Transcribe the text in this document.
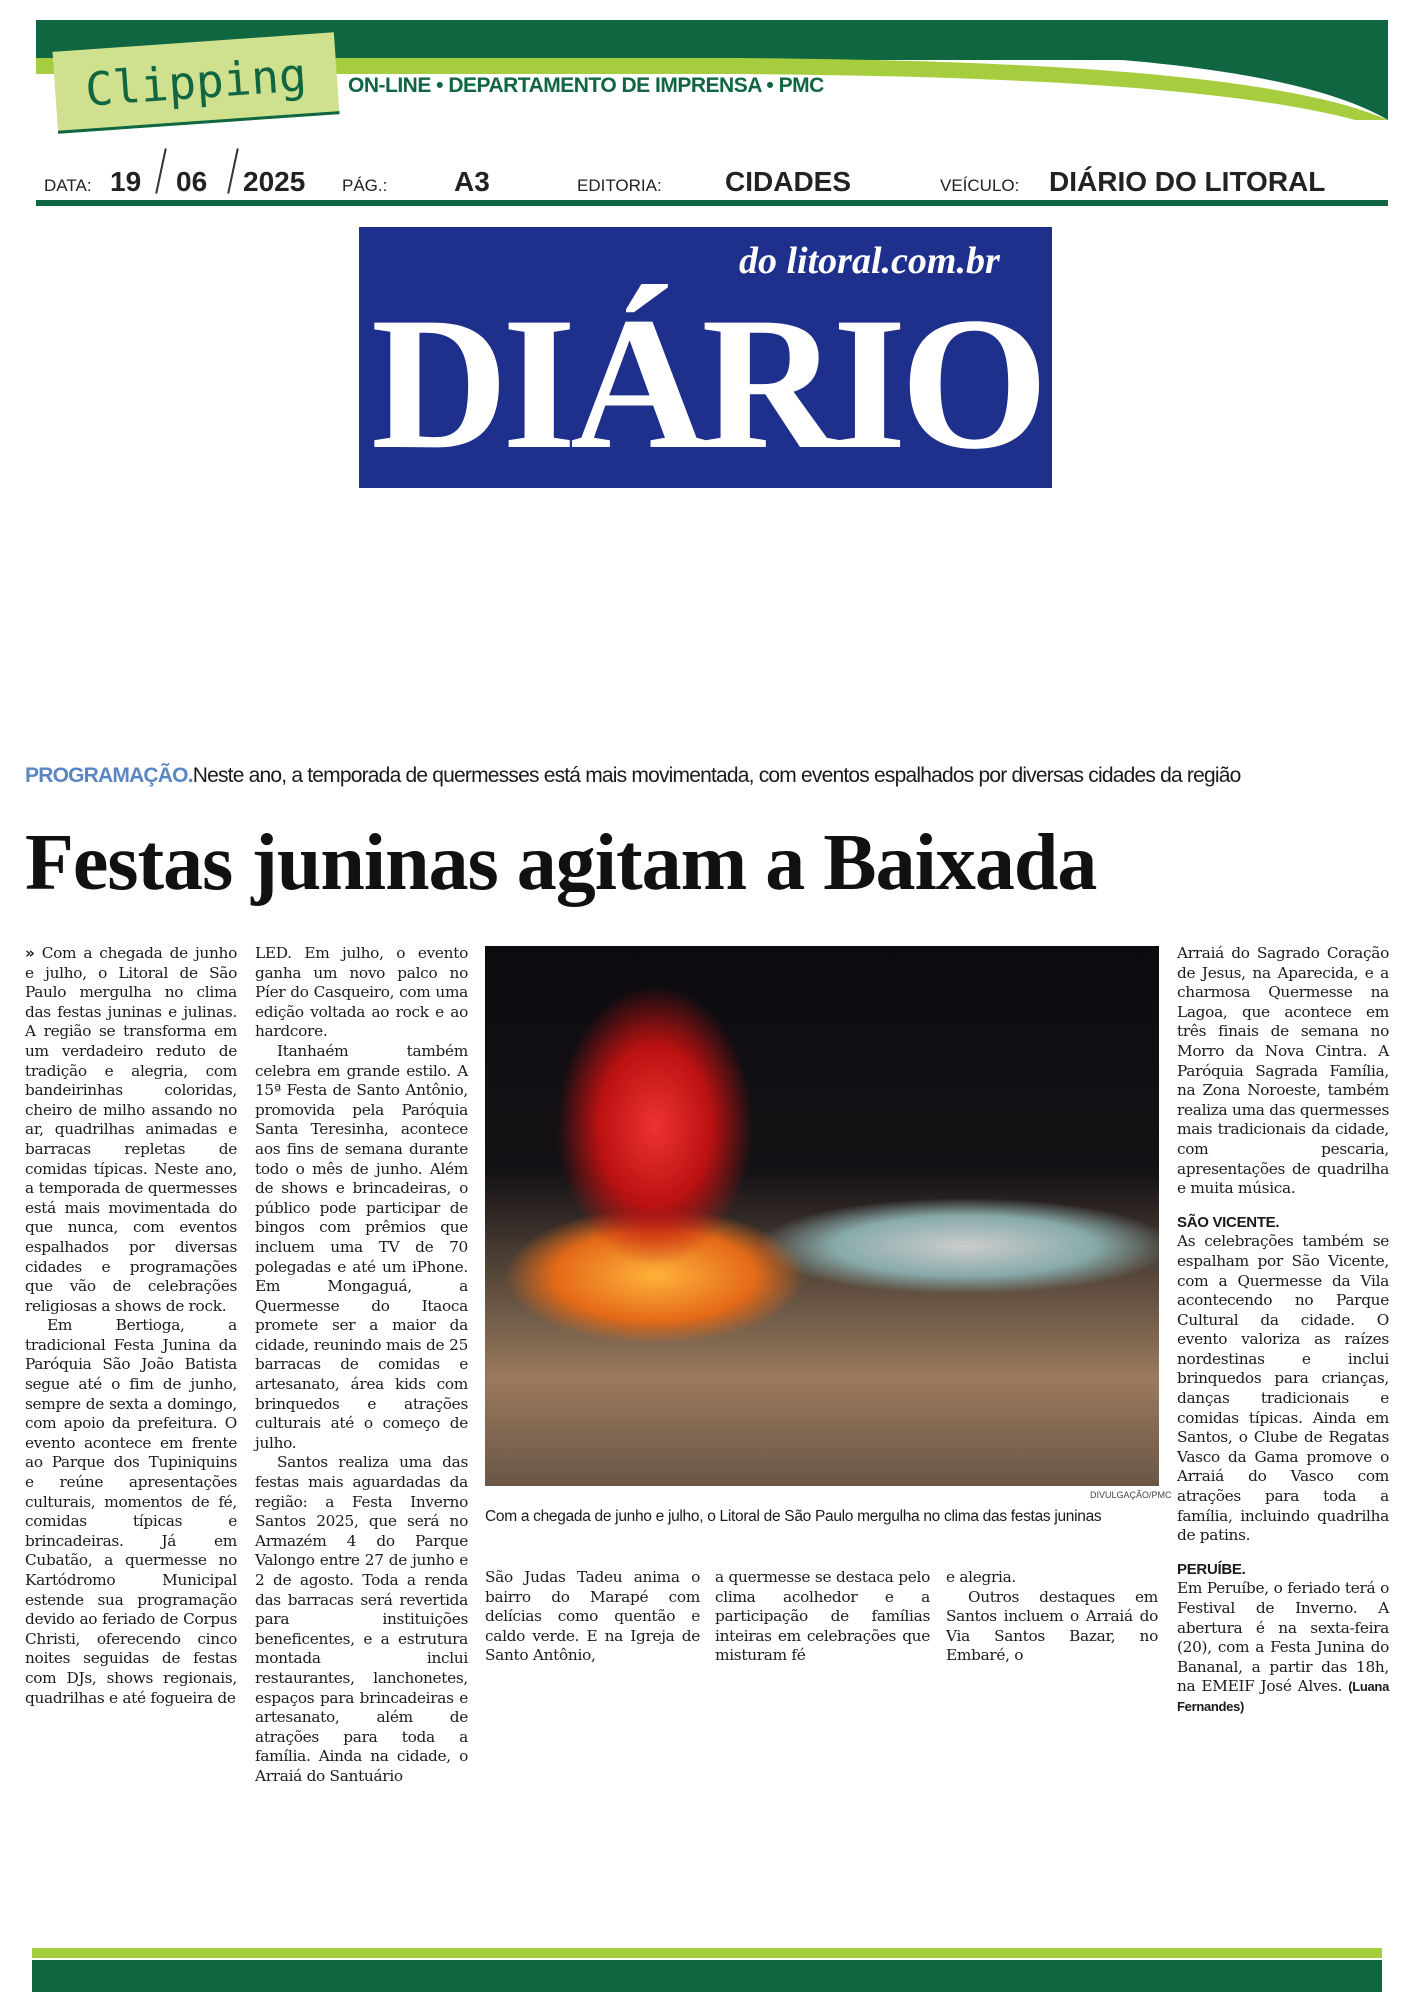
Clipping ON-LINE • DEPARTAMENTO DE IMPRENSA • PMC
DATA: 19 06 2025 PÁG.: A3	EDITORIA: CIDADES	VEÍCULO: DIÁRIO DO LITORAL
do litoral.com.br
DIÁRIO
PROGRAMAÇÃO.Neste ano, a temporada de quermesses está mais movimentada, com eventos espalhados por diversas cidades da região
Festas juninas agitam a Baixada

» Com a chegada de junho e julho, o Litoral de São Paulo mergulha no clima das festas juninas e julinas. A região se transforma em um verdadeiro reduto de tradição e alegria, com bandeirinhas coloridas, cheiro de milho assando no ar, quadrilhas animadas e barracas repletas de comidas típicas. Neste ano, a temporada de quermesses está mais movimentada do que nunca, com eventos espalhados por diversas cidades e programações que vão de celebrações religiosas a shows de rock.

Em Bertioga, a tradicional Festa Junina da Paróquia São João Batista segue até o fim de junho, sempre de sexta a domingo, com apoio da prefeitura. O evento acontece em frente ao Parque dos Tupiniquins e reúne apresentações culturais, momentos de fé, comidas típicas e brincadeiras. Já em Cubatão, a quermesse no Kartódromo Municipal estende sua programação devido ao feriado de Corpus Christi, oferecendo cinco noites seguidas de festas com DJs, shows regionais, quadrilhas e até fogueira de

LED. Em julho, o evento ganha um novo palco no Píer do Casqueiro, com uma edição voltada ao rock e ao hardcore.

Itanhaém também celebra em grande estilo. A 15ª Festa de Santo Antônio, promovida pela Paróquia Santa Teresinha, acontece aos fins de semana durante todo o mês de junho. Além de shows e brincadeiras, o público pode participar de bingos com prêmios que incluem uma TV de 70 polegadas e até um iPhone. Em Mongaguá, a Quermesse do Itaoca promete ser a maior da cidade, reunindo mais de 25 barracas de comidas e artesanato, área kids com brinquedos e atrações culturais até o começo de julho.

Santos realiza uma das festas mais aguardadas da região: a Festa Inverno Santos 2025, que será no Armazém 4 do Parque Valongo entre 27 de junho e 2 de agosto. Toda a renda das barracas será revertida para instituições beneficentes, e a estrutura montada inclui restaurantes, lanchonetes, espaços para brincadeiras e artesanato, além de atrações para toda a família. Ainda na cidade, o Arraiá do Santuário

DIVULGAÇÃO/PMC
Com a chegada de junho e julho, o Litoral de São Paulo mergulha no clima das festas juninas

São Judas Tadeu anima o bairro do Marapé com delícias como quentão e caldo verde. E na Igreja de Santo Antônio,

a quermesse se destaca pelo clima acolhedor e a participação de famílias inteiras em celebrações que misturam fé

e alegria.

Outros destaques em Santos incluem o Arraiá do Via Santos Bazar, no Embaré, o

Arraiá do Sagrado Coração de Jesus, na Aparecida, e a charmosa Quermesse na Lagoa, que acontece em três finais de semana no Morro da Nova Cintra. A Paróquia Sagrada Família, na Zona Noroeste, também realiza uma das quermesses mais tradicionais da cidade, com pescaria, apresentações de quadrilha e muita música.

SÃO VICENTE.

As celebrações também se espalham por São Vicente, com a Quermesse da Vila acontecendo no Parque Cultural da cidade. O evento valoriza as raízes nordestinas e inclui brinquedos para crianças, danças tradicionais e comidas típicas. Ainda em Santos, o Clube de Regatas Vasco da Gama promove o Arraiá do Vasco com atrações para toda a família, incluindo quadrilha de patins.

PERUÍBE.

Em Peruíbe, o feriado terá o Festival de Inverno. A abertura é na sexta-feira (20), com a Festa Junina do Bananal, a partir das 18h, na EMEIF José Alves. (Luana Fernandes)
